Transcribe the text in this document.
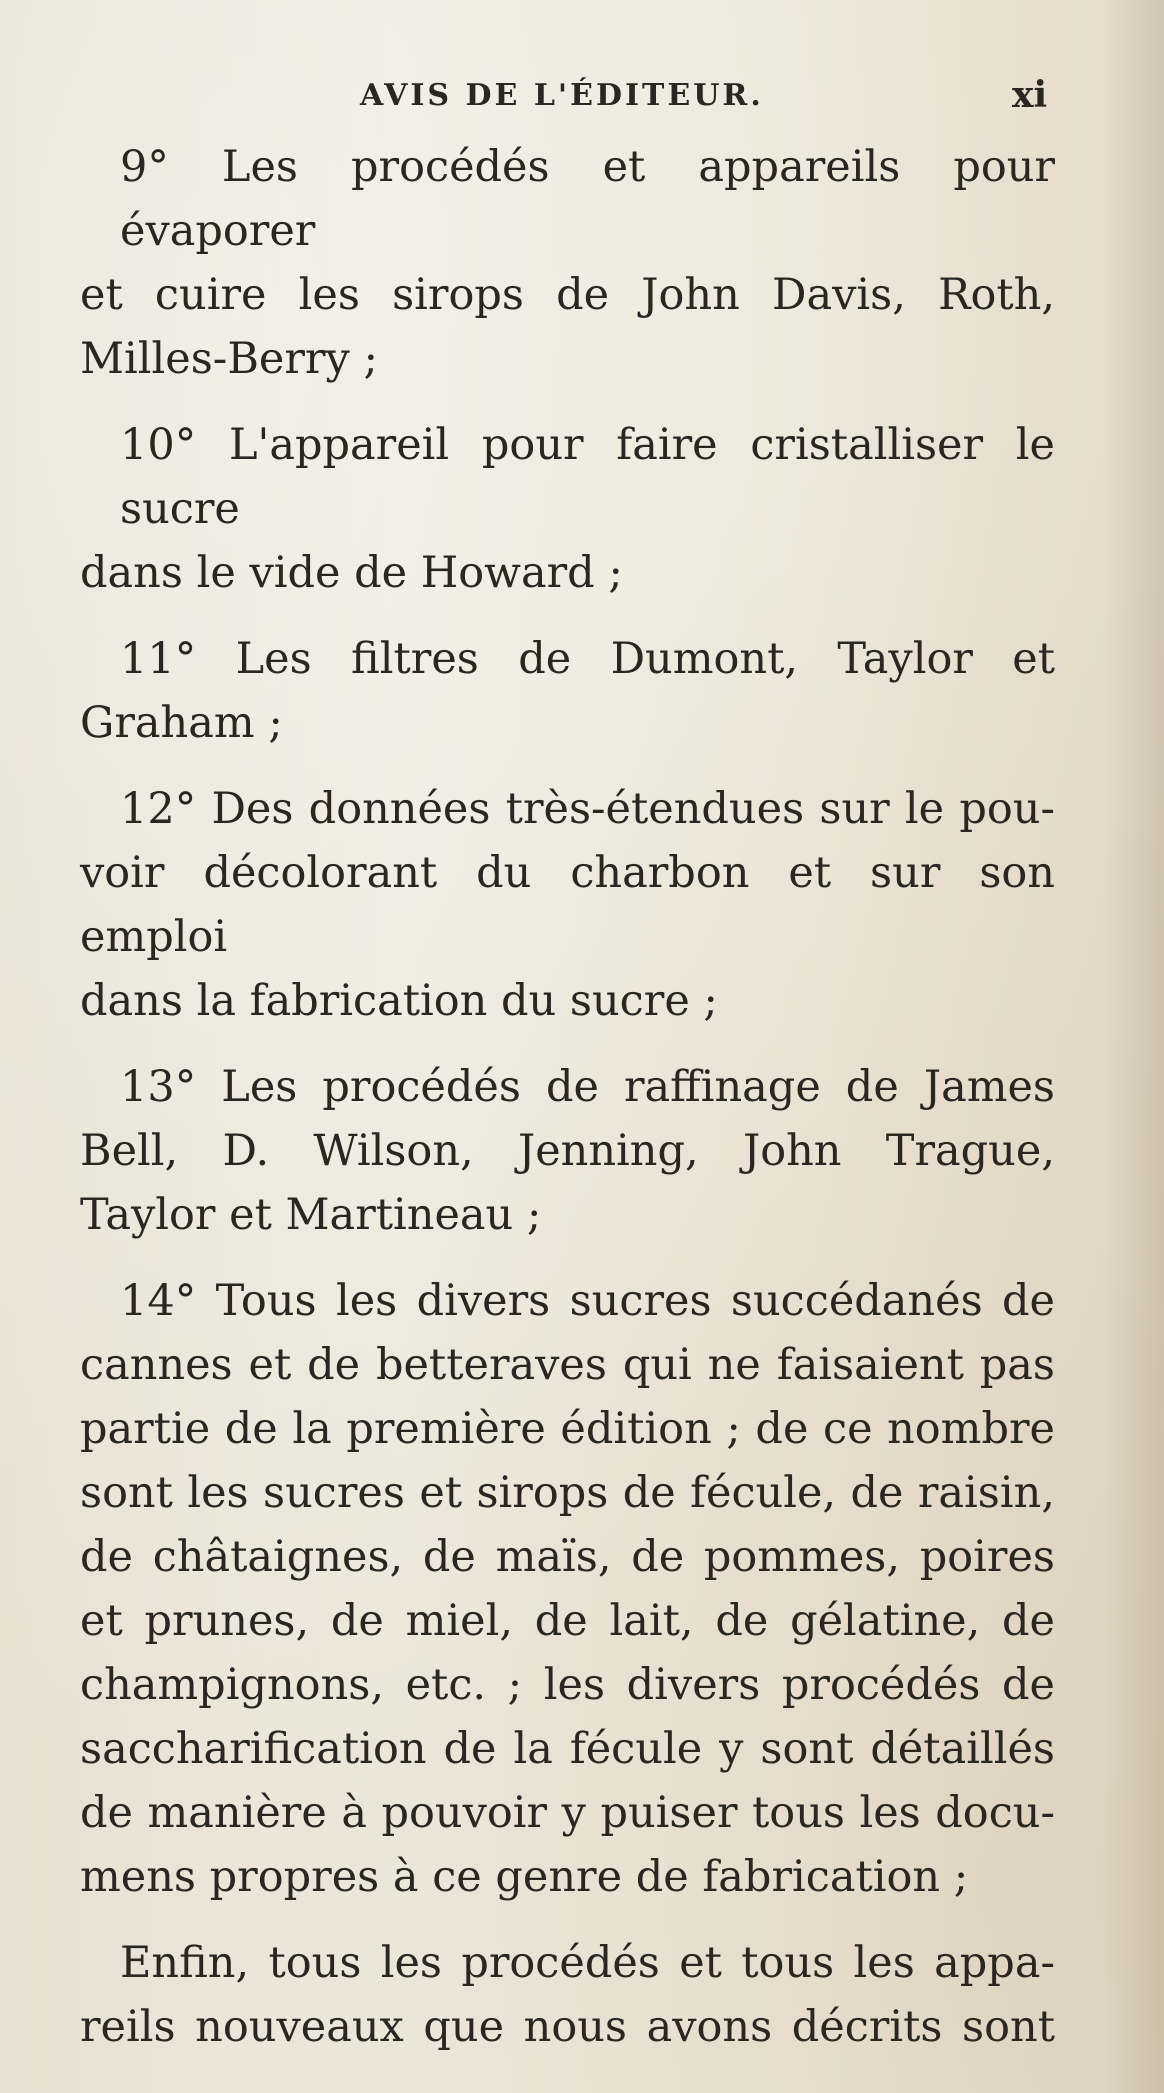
AVIS DE L'ÉDITEUR.	xi
9° Les procédés et appareils pour évaporer
et cuire les sirops de John Davis, Roth,
Milles-Berry ;
10° L'appareil pour faire cristalliser le sucre
dans le vide de Howard ;
11° Les filtres de Dumont, Taylor et
Graham ;
12° Des données très-étendues sur le pou-
voir décolorant du charbon et sur son emploi
dans la fabrication du sucre ;
13° Les procédés de raffinage de James
Bell, D. Wilson, Jenning, John Trague,
Taylor et Martineau ;
14° Tous les divers sucres succédanés de
cannes et de betteraves qui ne faisaient pas
partie de la première édition ; de ce nombre
sont les sucres et sirops de fécule, de raisin,
de châtaignes, de maïs, de pommes, poires
et prunes, de miel, de lait, de gélatine, de
champignons, etc. ; les divers procédés de
saccharification de la fécule y sont détaillés
de manière à pouvoir y puiser tous les docu-
mens propres à ce genre de fabrication ;
Enfin, tous les procédés et tous les appa-
reils nouveaux que nous avons décrits sont
